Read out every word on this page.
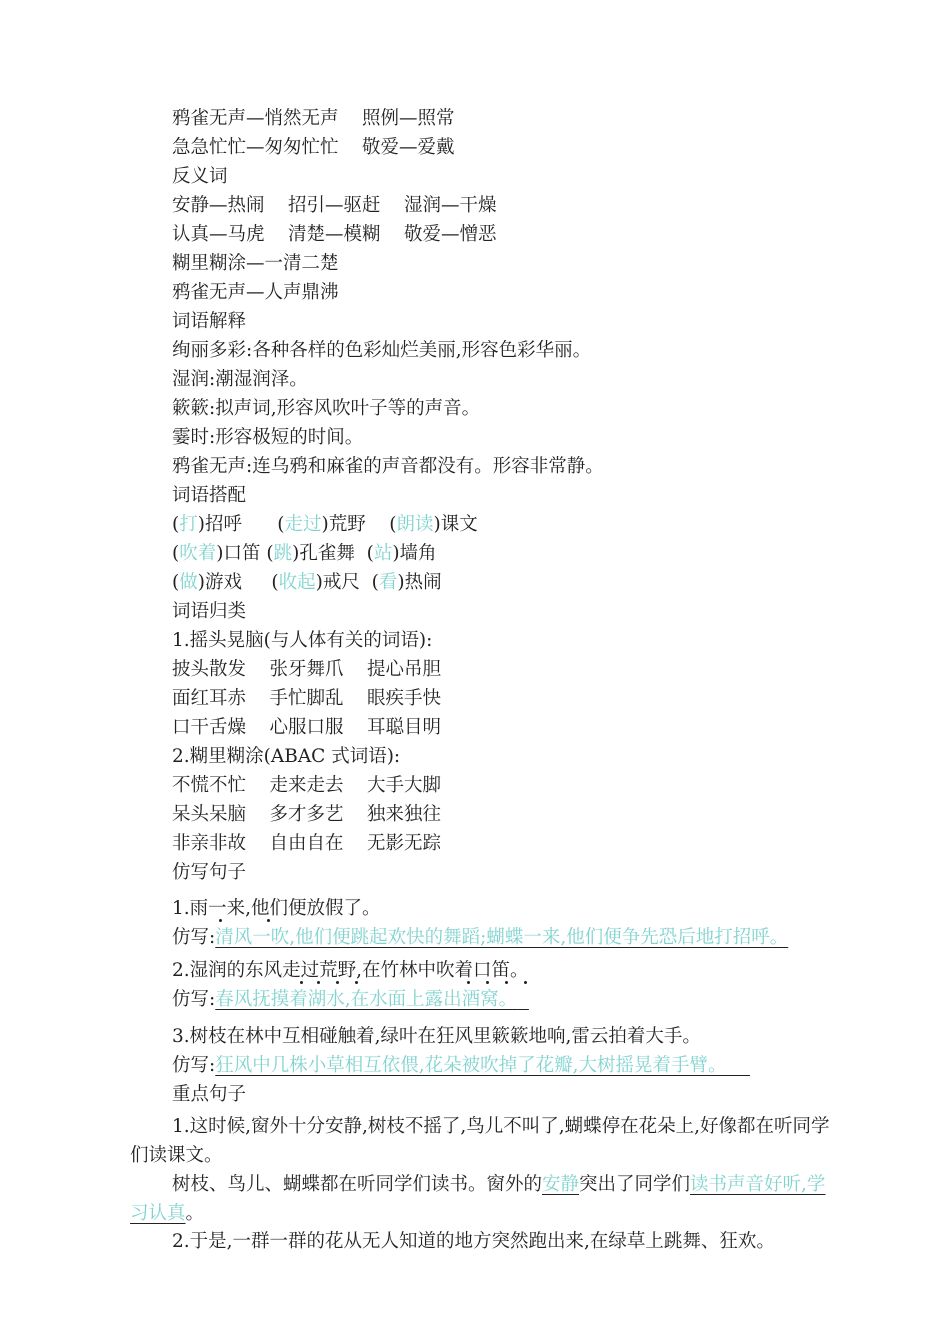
鸦雀无声—悄然无声    照例—照常
急急忙忙—匆匆忙忙    敬爱—爱戴
反义词
安静—热闹    招引—驱赶    湿润—干燥
认真—马虎    清楚—模糊    敬爱—憎恶
糊里糊涂—一清二楚
鸦雀无声—人声鼎沸
词语解释
绚丽多彩:各种各样的色彩灿烂美丽,形容色彩华丽。
湿润:潮湿润泽。
簌簌:拟声词,形容风吹叶子等的声音。
霎时:形容极短的时间。
鸦雀无声:连乌鸦和麻雀的声音都没有。形容非常静。
词语搭配
(打)招呼      (走过)荒野    (朗读)课文
(吹着)口笛 (跳)孔雀舞  (站)墙角
(做)游戏     (收起)戒尺  (看)热闹
词语归类
1.摇头晃脑(与人体有关的词语):
披头散发    张牙舞爪    提心吊胆
面红耳赤    手忙脚乱    眼疾手快
口干舌燥    心服口服    耳聪目明
2.糊里糊涂(ABAC 式词语):
不慌不忙    走来走去    大手大脚
呆头呆脑    多才多艺    独来独往
非亲非故    自由自在    无影无踪
仿写句子
1.雨一来,他们便放假了。
仿写:清风一吹,他们便跳起欢快的舞蹈;蝴蝶一来,他们便争先恐后地打招呼。
2.湿润的东风走过荒野,在竹林中吹着口笛。
仿写:春风抚摸着湖水,在水面上露出酒窝。
3.树枝在林中互相碰触着,绿叶在狂风里簌簌地响,雷云拍着大手。
仿写:狂风中几株小草相互依偎,花朵被吹掉了花瓣,大树摇晃着手臂。
重点句子
1.这时候,窗外十分安静,树枝不摇了,鸟儿不叫了,蝴蝶停在花朵上,好像都在听同学们读课文。
树枝、鸟儿、蝴蝶都在听同学们读书。窗外的安静突出了同学们读书声音好听,学习认真。
2.于是,一群一群的花从无人知道的地方突然跑出来,在绿草上跳舞、狂欢。
